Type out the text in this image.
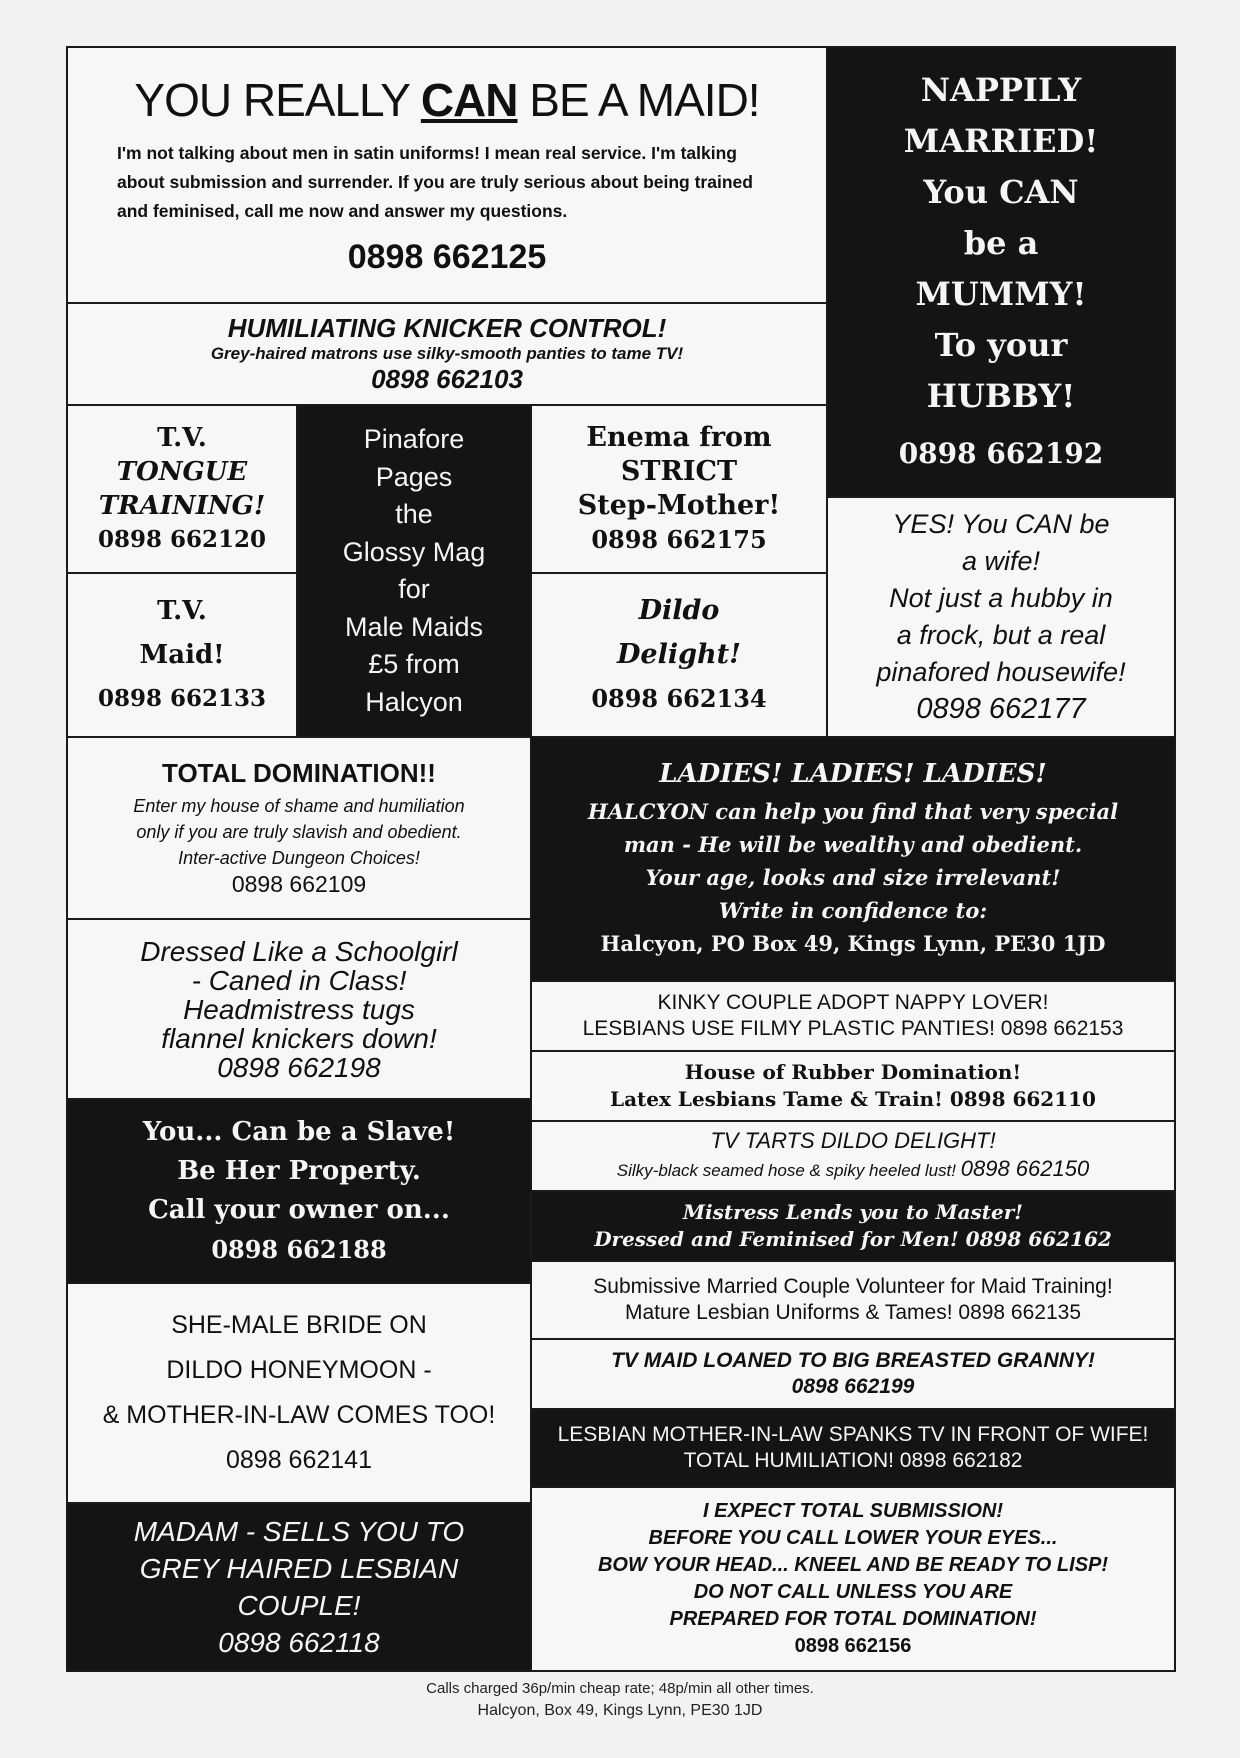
YOU REALLY CAN BE A MAID!
I'm not talking about men in satin uniforms! I mean real service. I'm talking about submission and surrender. If you are truly serious about being trained and feminised, call me now and answer my questions.
0898 662125
NAPPILY
MARRIED!
You CAN
be a
MUMMY!
To your
HUBBY!
0898 662192
HUMILIATING KNICKER CONTROL!
Grey-haired matrons use silky-smooth panties to tame TV!
0898 662103
T.V.
TONGUE
TRAINING!
0898 662120
Pinafore
Pages
the
Glossy Mag
for
Male Maids
£5 from
Halcyon
Enema from
STRICT
Step-Mother!
0898 662175
T.V.
Maid!
0898 662133
Dildo
Delight!
0898 662134
YES! You CAN be
a wife!
Not just a hubby in
a frock, but a real
pinafored housewife!
0898 662177
TOTAL DOMINATION!!
Enter my house of shame and humiliation
only if you are truly slavish and obedient.
Inter-active Dungeon Choices!
0898 662109
LADIES! LADIES! LADIES!
HALCYON can help you find that very special
man - He will be wealthy and obedient.
Your age, looks and size irrelevant!
Write in confidence to:
Halcyon, PO Box 49, Kings Lynn, PE30 1JD
Dressed Like a Schoolgirl
- Caned in Class!
Headmistress tugs
flannel knickers down!
0898 662198
KINKY COUPLE ADOPT NAPPY LOVER!
LESBIANS USE FILMY PLASTIC PANTIES! 0898 662153
House of Rubber Domination!
Latex Lesbians Tame & Train! 0898 662110
You... Can be a Slave!
Be Her Property.
Call your owner on...
0898 662188
TV TARTS DILDO DELIGHT!
Silky-black seamed hose & spiky heeled lust! 0898 662150
Mistress Lends you to Master!
Dressed and Feminised for Men! 0898 662162
Submissive Married Couple Volunteer for Maid Training!
Mature Lesbian Uniforms & Tames! 0898 662135
SHE-MALE BRIDE ON
DILDO HONEYMOON -
& MOTHER-IN-LAW COMES TOO!
0898 662141
TV MAID LOANED TO BIG BREASTED GRANNY!
0898 662199
LESBIAN MOTHER-IN-LAW SPANKS TV IN FRONT OF WIFE!
TOTAL HUMILIATION! 0898 662182
MADAM - SELLS YOU TO
GREY HAIRED LESBIAN
COUPLE!
0898 662118
I EXPECT TOTAL SUBMISSION!
BEFORE YOU CALL LOWER YOUR EYES...
BOW YOUR HEAD... KNEEL AND BE READY TO LISP!
DO NOT CALL UNLESS YOU ARE
PREPARED FOR TOTAL DOMINATION!
0898 662156
Calls charged 36p/min cheap rate; 48p/min all other times.
Halcyon, Box 49, Kings Lynn, PE30 1JD
